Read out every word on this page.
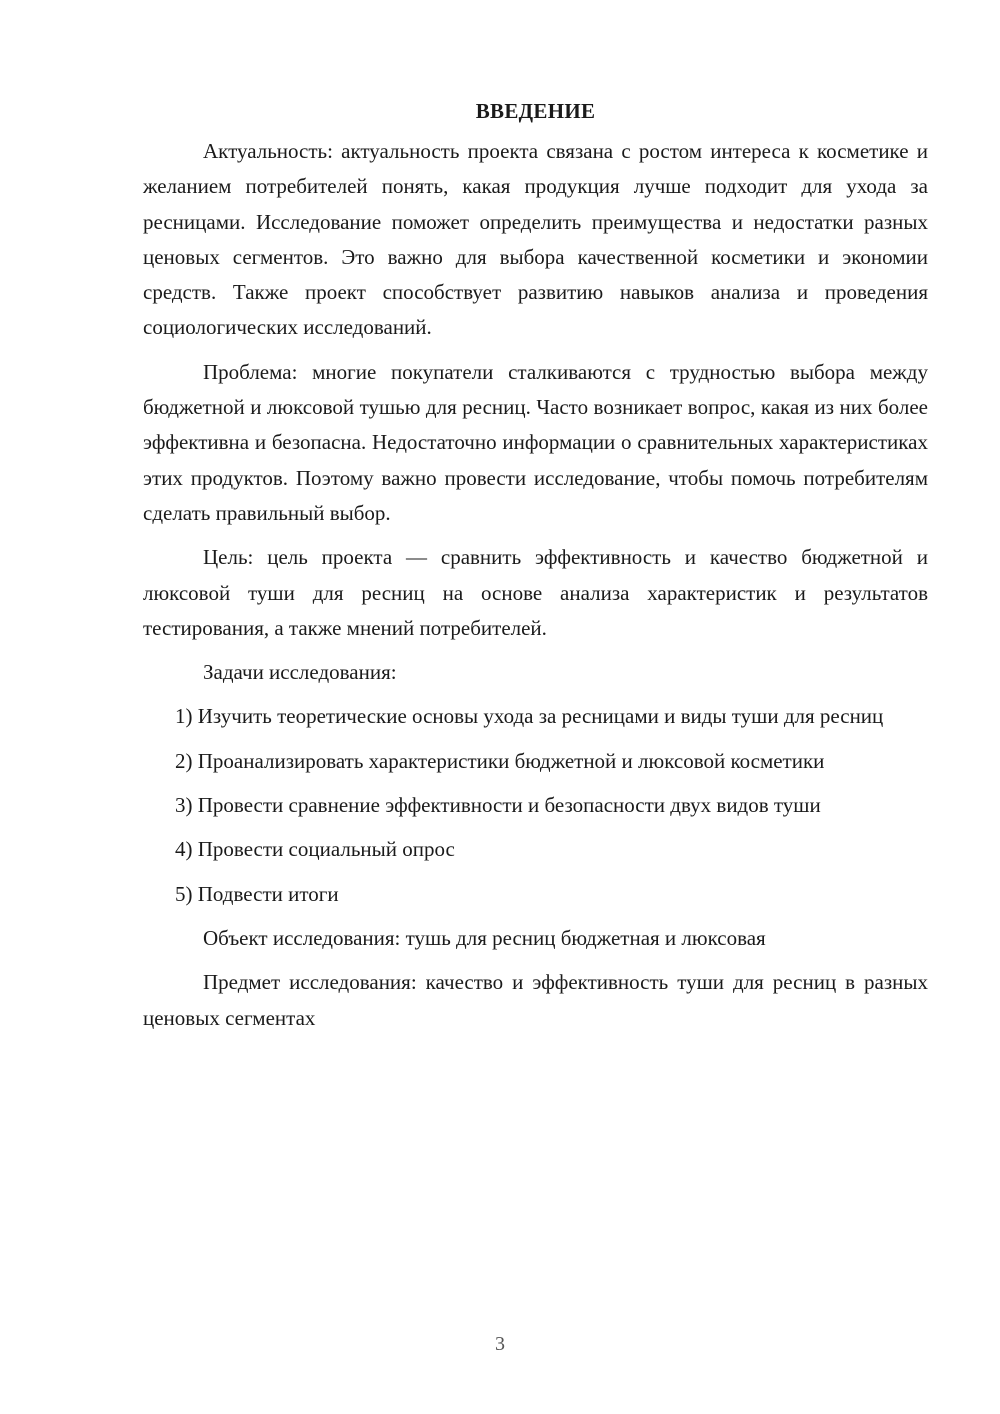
ВВЕДЕНИЕ

Актуальность: актуальность проекта связана с ростом интереса к косметике и желанием потребителей понять, какая продукция лучше подходит для ухода за ресницами. Исследование поможет определить преимущества и недостатки разных ценовых сегментов. Это важно для выбора качественной косметики и экономии средств. Также проект способствует развитию навыков анализа и проведения социологических исследований.

Проблема: многие покупатели сталкиваются с трудностью выбора между бюджетной и люксовой тушью для ресниц. Часто возникает вопрос, какая из них более эффективна и безопасна. Недостаточно информации о сравнительных характеристиках этих продуктов. Поэтому важно провести исследование, чтобы помочь потребителям сделать правильный выбор.

Цель: цель проекта — сравнить эффективность и качество бюджетной и люксовой туши для ресниц на основе анализа характеристик и результатов тестирования, а также мнений потребителей.

Задачи исследования:

1) Изучить теоретические основы ухода за ресницами и виды туши для ресниц

2) Проанализировать характеристики бюджетной и люксовой косметики

3) Провести сравнение эффективности и безопасности двух видов туши

4) Провести социальный опрос

5) Подвести итоги

Объект исследования: тушь для ресниц бюджетная и люксовая

Предмет исследования: качество и эффективность туши для ресниц в разных ценовых сегментах

3
